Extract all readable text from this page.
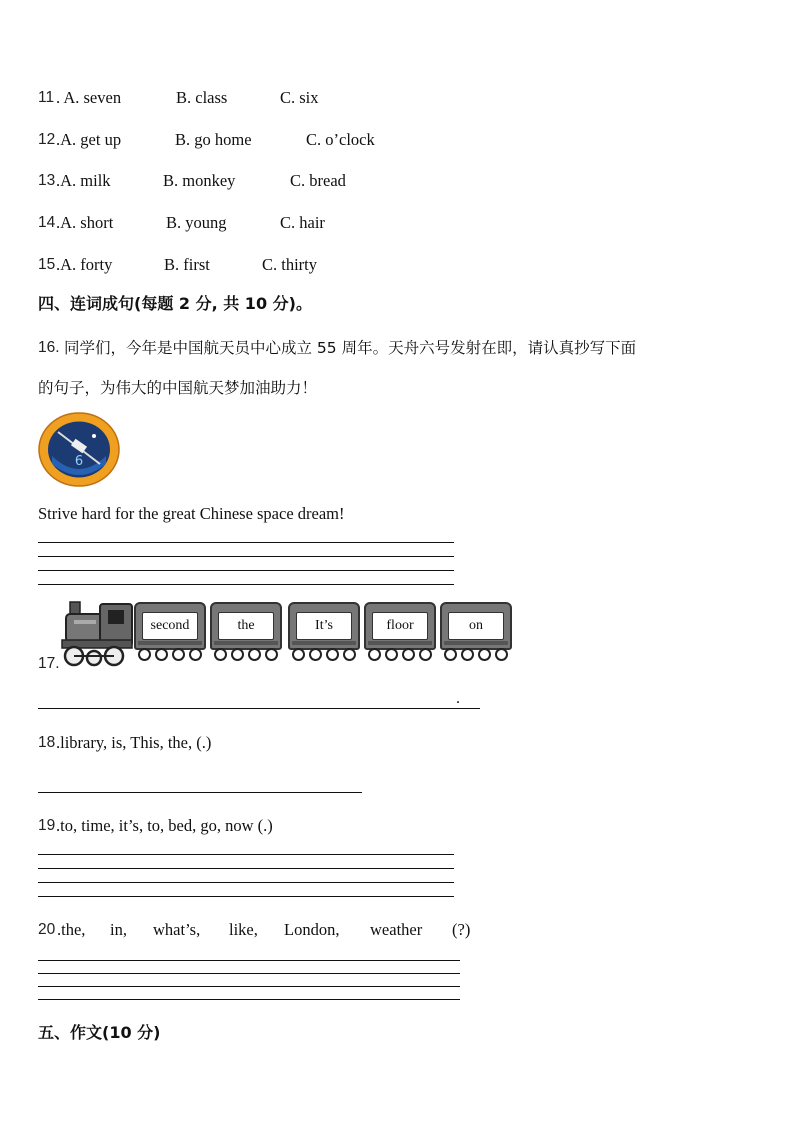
11 . A. seven	B. class	C. six
12 .A. get up	B. go home	C. o’clock
13 .A. milk	B. monkey	C. bread
14 .A. short	B. young	C. hair
15 .A. forty	B. first	C. thirty
四、连词成句(每题 2 分, 共 10 分)。
16. 同学们，今年是中国航天员中心成立 55 周年。天舟六号发射在即，请认真抄写下面
的句子，为伟大的中国航天梦加油助力！
6
Strive hard for the great Chinese space dream!
17.
second	the	It’s	floor	on
.
18 .library, is, This, the, (.)
19 .to, time, it’s, to, bed, go, now (.)
20 .the, in, what’s, like, London, weather (?)
五、作文(10 分)
